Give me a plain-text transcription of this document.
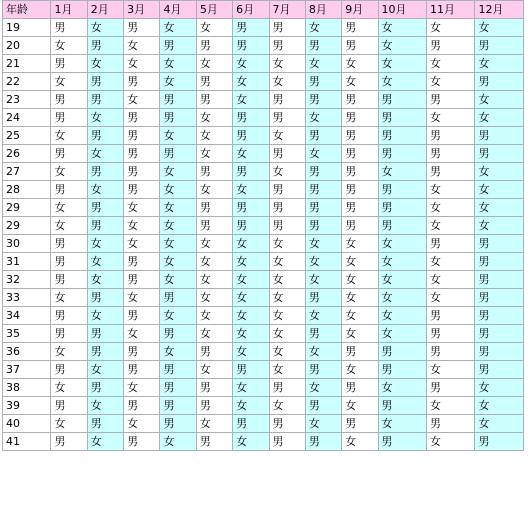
年龄	1月	2月	3月	4月	5月	6月	7月	8月	9月	10月	11月	12月
19	男	女	男	女	女	男	男	女	男	女	女	女
20	女	男	女	男	男	男	男	男	男	女	男	男
21	男	女	女	女	女	女	女	女	女	女	女	女
22	女	男	男	女	男	女	女	男	女	女	女	男
23	男	男	女	男	男	女	男	男	男	男	男	女
24	男	女	男	男	女	男	男	女	男	男	女	女
25	女	男	男	女	女	男	女	男	男	男	男	男
26	男	女	男	男	女	女	男	女	男	男	男	男
27	女	男	男	女	男	男	女	男	男	女	男	女
28	男	女	男	女	女	女	男	男	男	男	女	女
29	女	男	女	女	男	男	男	男	男	男	女	女
29	女	男	女	女	男	男	男	男	男	男	女	女
30	男	女	女	女	女	女	女	女	女	女	男	男
31	男	女	男	女	女	女	女	女	女	女	女	男
32	男	女	男	女	女	女	女	女	女	女	女	男
33	女	男	女	男	女	女	女	男	女	女	女	男
34	男	女	男	女	女	女	女	女	女	女	男	男
35	男	男	女	男	女	女	女	男	女	女	男	男
36	女	男	男	女	男	女	女	女	男	男	男	男
37	男	女	男	男	女	男	女	男	女	男	女	男
38	女	男	女	男	男	女	男	女	男	女	男	女
39	男	女	男	男	男	女	女	男	女	男	女	女
40	女	男	女	男	女	男	男	女	男	女	男	女
41	男	女	男	女	男	女	男	男	女	男	女	男
